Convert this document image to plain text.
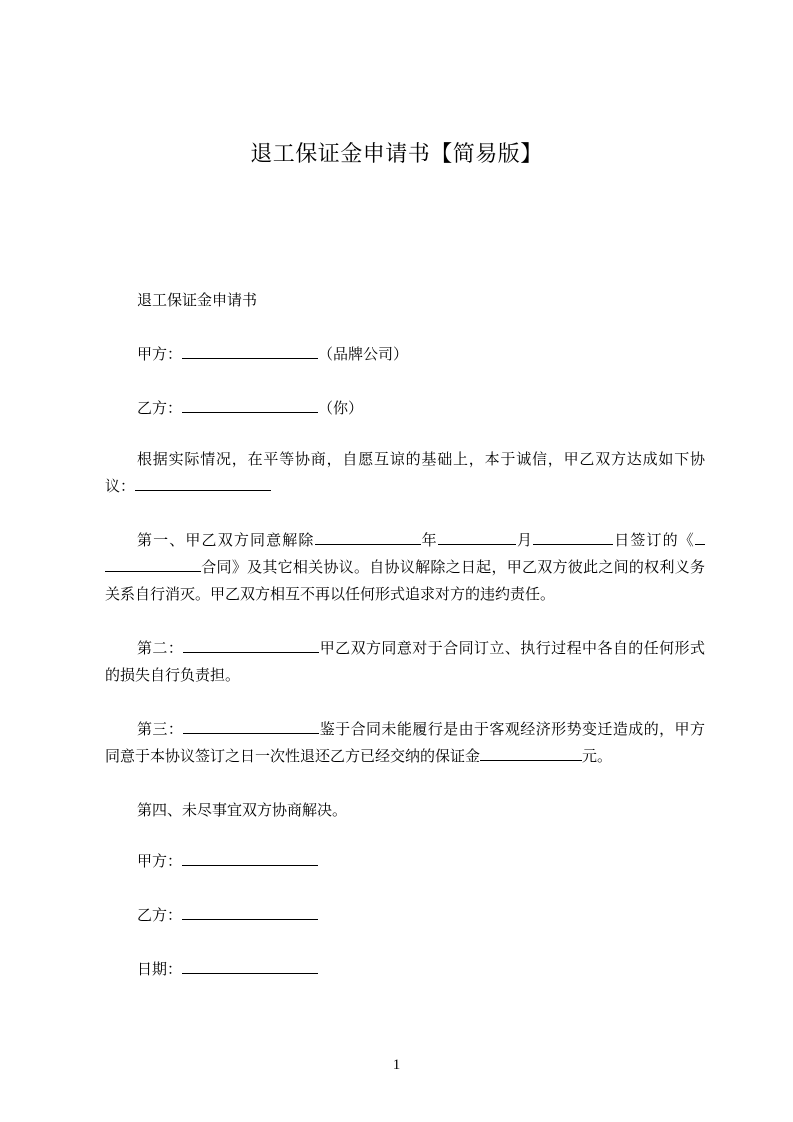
退工保证金申请书【简易版】

退工保证金申请书

甲方：	（品牌公司）

乙方：	（你）

根据实际情况，在平等协商，自愿互谅的基础上，本于诚信，甲乙双方达成如下协议：

第一、甲乙双方同意解除	年	月	日签订的《合同》及其它相关协议。自协议解除之日起，甲乙双方彼此之间的权利义务关系自行消灭。甲乙双方相互不再以任何形式追求对方的违约责任。

第二：	甲乙双方同意对于合同订立、执行过程中各自的任何形式的损失自行负责担。

第三：	鉴于合同未能履行是由于客观经济形势变迁造成的，甲方同意于本协议签订之日一次性退还乙方已经交纳的保证金	元。

第四、未尽事宜双方协商解决。

甲方：

乙方：

日期：

1
